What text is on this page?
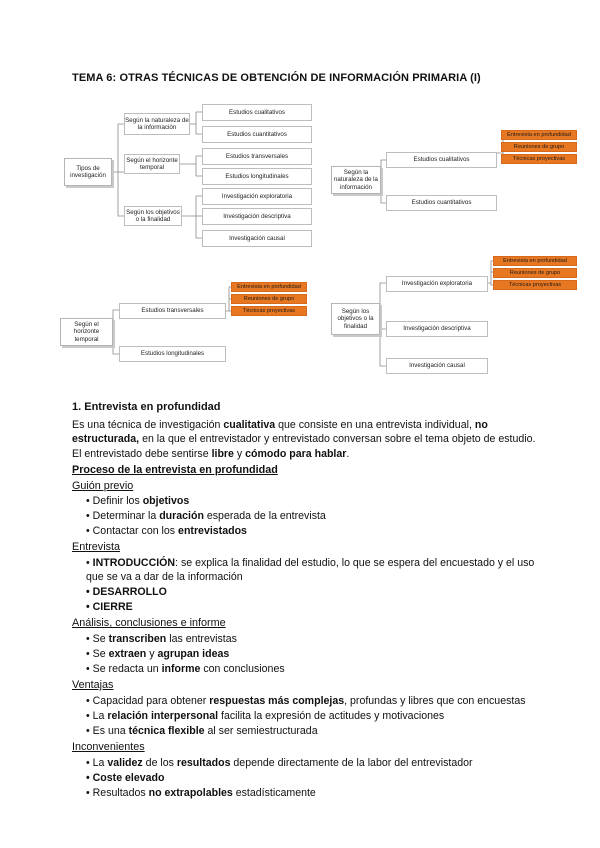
TEMA 6: OTRAS TÉCNICAS DE OBTENCIÓN DE INFORMACIÓN PRIMARIA (I)
Tipos de investigación
Según la naturaleza de la información
Según el horizonte temporal
Según los objetivos o la finalidad
Estudios cualitativos
Estudios cuantitativos
Estudios transversales
Estudios longitudinales
Investigación exploratoria
Investigación descriptiva
Investigación causal
Según la naturaleza de la información
Estudios cualitativos
Estudios cuantitativos
Entrevista en profundidad
Reuniones de grupo
Técnicas proyectivas
Según el horizonte temporal
Estudios transversales
Estudios longitudinales
Entrevista en profundidad
Reuniones de grupo
Técnicas proyectivas	Según los objetivos o la finalidad
Investigación exploratoria
Investigación descriptiva
Investigación causal
Entrevista en profundidad
Reuniones de grupo
Técnicas proyectivas
1. Entrevista en profundidad
Es una técnica de investigación cualitativa que consiste en una entrevista individual, no
estructurada, en la que el entrevistador y entrevistado conversan sobre el tema objeto de estudio.
El entrevistado debe sentirse libre y cómodo para hablar.
Proceso de la entrevista en profundidad
Guión previo
• Definir los objetivos
• Determinar la duración esperada de la entrevista
• Contactar con los entrevistados
Entrevista
• INTRODUCCIÓN: se explica la finalidad del estudio, lo que se espera del encuestado y el uso
que se va a dar de la información
• DESARROLLO
• CIERRE
Análisis, conclusiones e informe
• Se transcriben las entrevistas
• Se extraen y agrupan ideas
• Se redacta un informe con conclusiones
Ventajas
• Capacidad para obtener respuestas más complejas, profundas y libres que con encuestas
• La relación interpersonal facilita la expresión de actitudes y motivaciones
• Es una técnica flexible al ser semiestructurada
Inconvenientes
• La validez de los resultados depende directamente de la labor del entrevistador
• Coste elevado
• Resultados no extrapolables estadísticamente
